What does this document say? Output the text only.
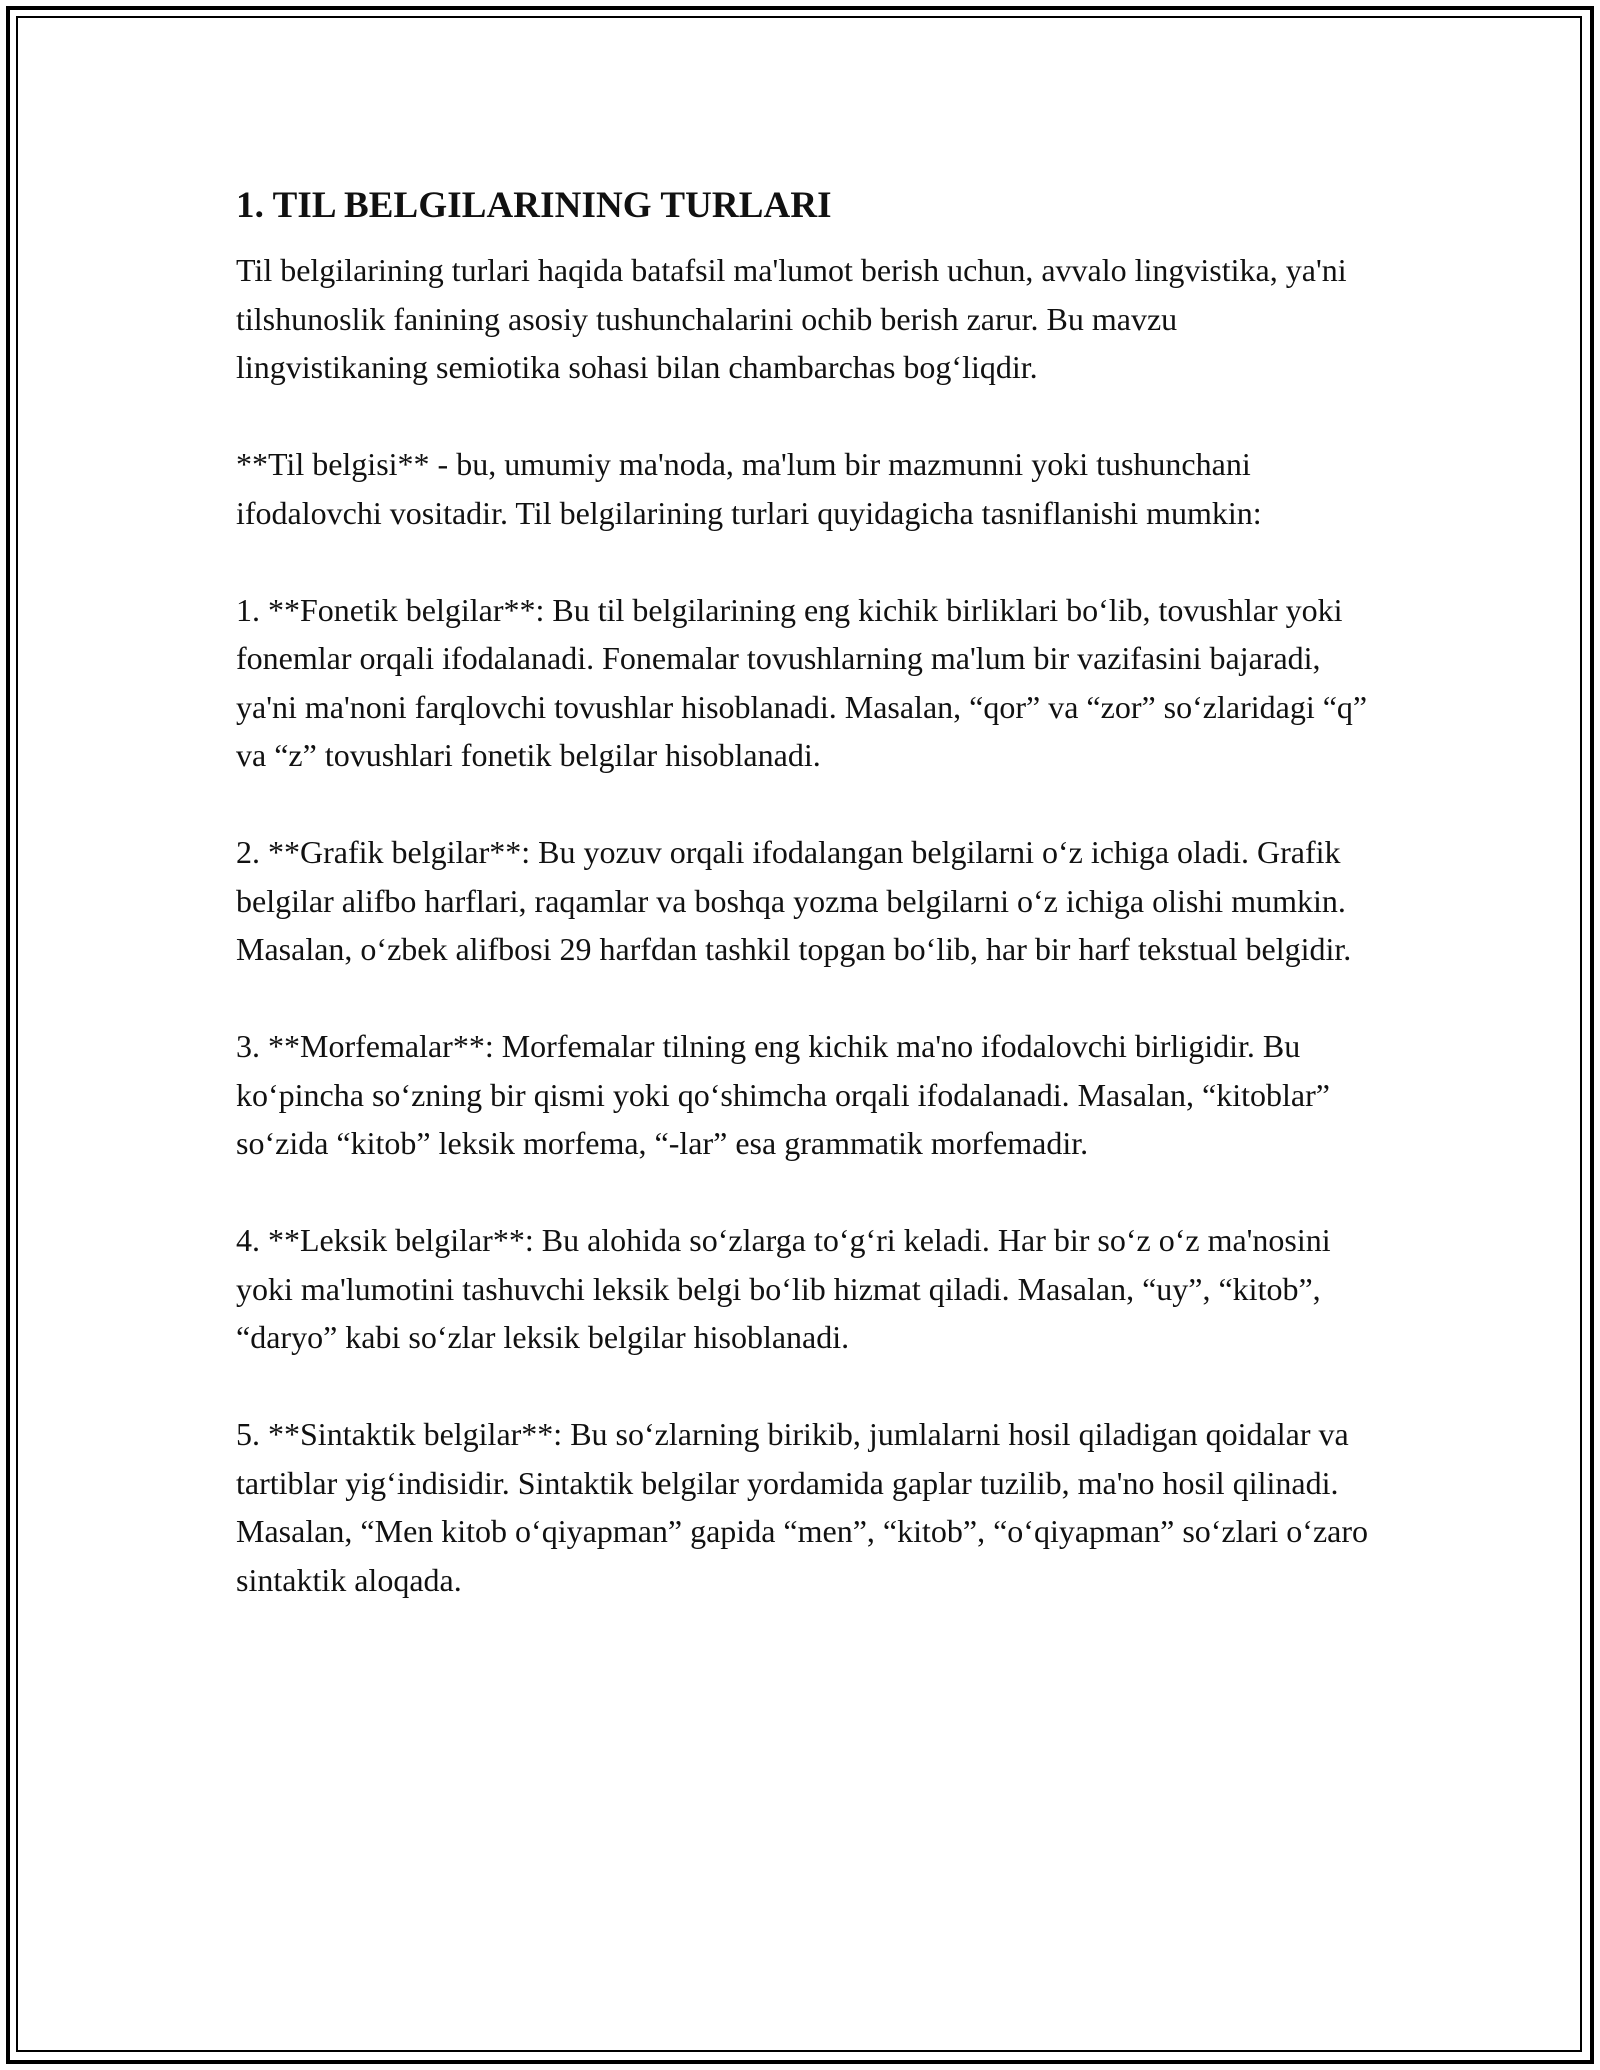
1. TIL BELGILARINING TURLARI

Til belgilarining turlari haqida batafsil ma'lumot berish uchun, avvalo lingvistika, ya'ni tilshunoslik fanining asosiy tushunchalarini ochib berish zarur. Bu mavzu lingvistikaning semiotika sohasi bilan chambarchas bog‘liqdir.

**Til belgisi** - bu, umumiy ma'noda, ma'lum bir mazmunni yoki tushunchani ifodalovchi vositadir. Til belgilarining turlari quyidagicha tasniflanishi mumkin:

1. **Fonetik belgilar**: Bu til belgilarining eng kichik birliklari bo‘lib, tovushlar yoki fonemlar orqali ifodalanadi. Fonemalar tovushlarning ma'lum bir vazifasini bajaradi, ya'ni ma'noni farqlovchi tovushlar hisoblanadi. Masalan, “qor” va “zor” so‘zlaridagi “q” va “z” tovushlari fonetik belgilar hisoblanadi.

2. **Grafik belgilar**: Bu yozuv orqali ifodalangan belgilarni o‘z ichiga oladi. Grafik belgilar alifbo harflari, raqamlar va boshqa yozma belgilarni o‘z ichiga olishi mumkin. Masalan, o‘zbek alifbosi 29 harfdan tashkil topgan bo‘lib, har bir harf tekstual belgidir.

3. **Morfemalar**: Morfemalar tilning eng kichik ma'no ifodalovchi birligidir. Bu ko‘pincha so‘zning bir qismi yoki qo‘shimcha orqali ifodalanadi. Masalan, “kitoblar” so‘zida “kitob” leksik morfema, “-lar” esa grammatik morfemadir.

4. **Leksik belgilar**: Bu alohida so‘zlarga to‘g‘ri keladi. Har bir so‘z o‘z ma'nosini yoki ma'lumotini tashuvchi leksik belgi bo‘lib hizmat qiladi. Masalan, “uy”, “kitob”, “daryo” kabi so‘zlar leksik belgilar hisoblanadi.

5. **Sintaktik belgilar**: Bu so‘zlarning birikib, jumlalarni hosil qiladigan qoidalar va tartiblar yig‘indisidir. Sintaktik belgilar yordamida gaplar tuzilib, ma'no hosil qilinadi. Masalan, “Men kitob o‘qiyapman” gapida “men”, “kitob”, “o‘qiyapman” so‘zlari o‘zaro sintaktik aloqada.
